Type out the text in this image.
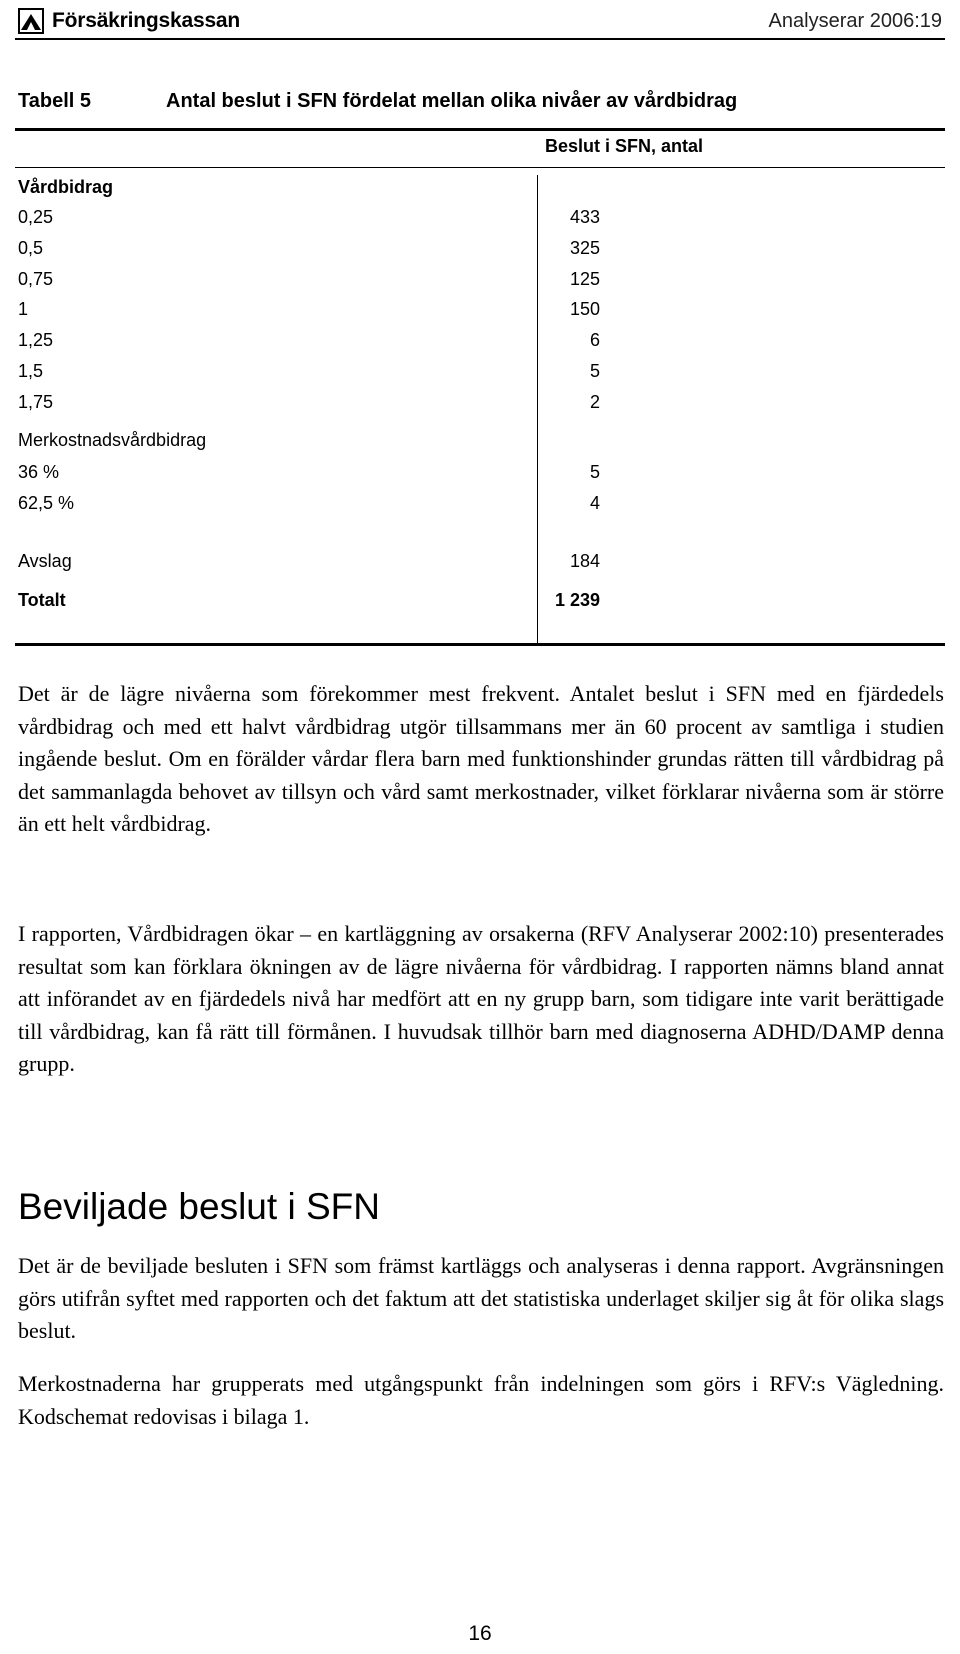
Försäkringskassan	Analyserar 2006:19
Tabell 5	Antal beslut i SFN fördelat mellan olika nivåer av vårdbidrag
Beslut i SFN, antal
Vårdbidrag
0,25	433
0,5	325
0,75	125
1	150
1,25	6
1,5	5
1,75	2
Merkostnadsvårdbidrag
36 %	5
62,5 %	4
Avslag	184
Totalt	1 239

Det är de lägre nivåerna som förekommer mest frekvent. Antalet beslut i SFN med en fjärdedels vårdbidrag och med ett halvt vårdbidrag utgör tillsammans mer än 60 procent av samtliga i studien ingående beslut. Om en förälder vårdar flera barn med funktionshinder grundas rätten till vårdbidrag på det sammanlagda behovet av tillsyn och vård samt merkostnader, vilket förklarar nivåerna som är större än ett helt vårdbidrag.

I rapporten, Vårdbidragen ökar – en kartläggning av orsakerna (RFV Analyserar 2002:10) presenterades resultat som kan förklara ökningen av de lägre nivåerna för vårdbidrag. I rapporten nämns bland annat att införandet av en fjärdedels nivå har medfört att en ny grupp barn, som tidigare inte varit berättigade till vårdbidrag, kan få rätt till förmånen. I huvudsak tillhör barn med diagnoserna ADHD/DAMP denna grupp.

Beviljade beslut i SFN

Det är de beviljade besluten i SFN som främst kartläggs och analyseras i denna rapport. Avgränsningen görs utifrån syftet med rapporten och det faktum att det statistiska underlaget skiljer sig åt för olika slags beslut.

Merkostnaderna har grupperats med utgångspunkt från indelningen som görs i RFV:s Vägledning. Kodschemat redovisas i bilaga 1.

16
